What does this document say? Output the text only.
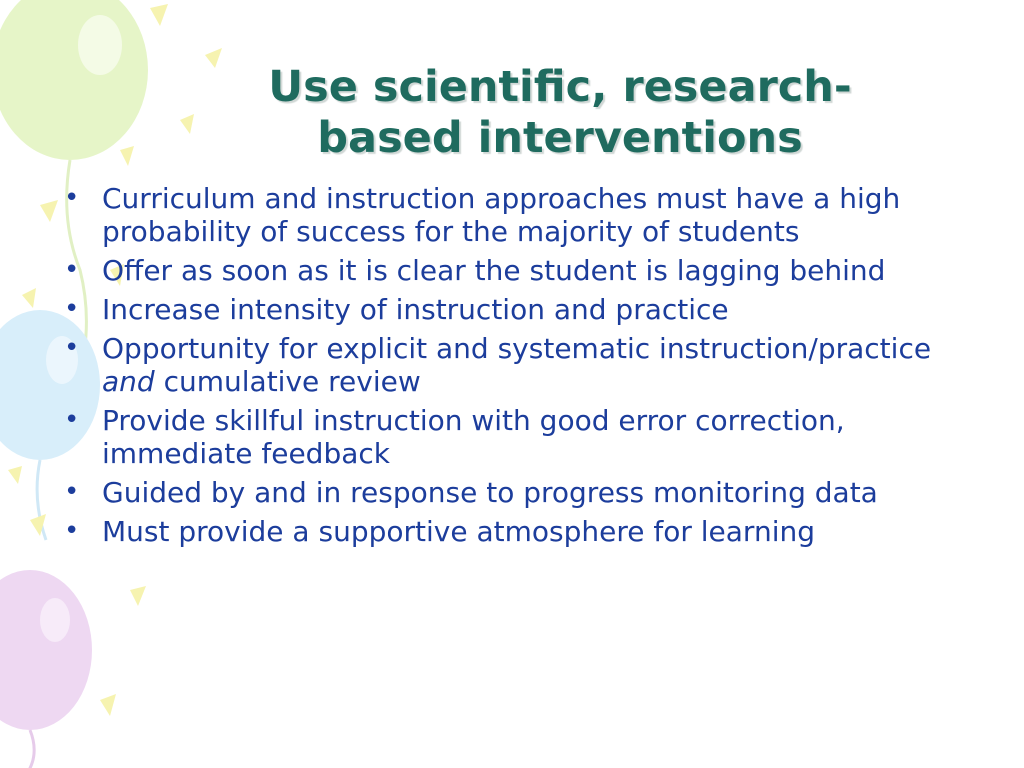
Use scientific, research-
based interventions
• Curriculum and instruction approaches must have a high probability of success for the majority of students
• Offer as soon as it is clear the student is lagging behind
• Increase intensity of instruction and practice
• Opportunity for explicit and systematic instruction/practice and cumulative review
• Provide skillful instruction with good error correction, immediate feedback
• Guided by and in response to progress monitoring data
• Must provide a supportive atmosphere for learning
